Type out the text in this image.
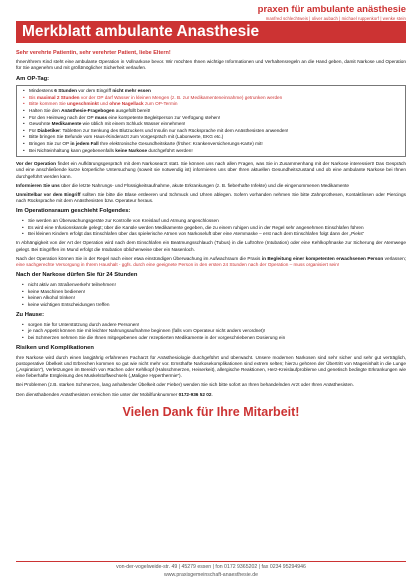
praxen für ambulante anästhesie
manfred schlechtweis | oliver aubach | michael ruppenkorf | wenke stein
Merkblatt ambulante Anasthesie
Sehr verehrte Patientin, sehr verehrter Patient, liebe Eltern!

Ihnen/Ihrem Kind steht eine ambulante Operation in Vollnarkose bevor. Wir möchten Ihnen wichtige Informationen und Verhaltensregeln an die Hand geben, damit Narkose und Operation für Sie angenehm und mit größtmöglicher Sicherheit verlaufen.

Am OP-Tag:
• Mindestens 6 Stunden vor dem Eingriff nicht mehr essen
• Bis maximal 2 Stunden vor der OP darf Wasser in kleinen Mengen (z. B. zur Medikamenteneinnahme) getrunken werden
• Bitte kommen Sie ungeschminkt und ohne Nagellack zum OP-Termin
• Halten Sie den Anästhesie-Fragebogen ausgefüllt bereit!
• Für den Heimweg nach der OP muss eine kompetente Begleitperson zur Verfügung stehen!
• Gewohnte Medikamente wie üblich mit einem Schluck Wasser einnehmen!
• Für Diabetiker: Tabletten zur Senkung des Blutzuckers und Insulin nur nach Rücksprache mit dem Anästhesisten anwenden!
• Bitte bringen Sie Befunde vom Haus-/Kinderarzt zum Vorgespräch mit (Laborwerte, EKG etc.)
• Bringen Sie zur OP in jedem Fall Ihre elektronische Gesundheitskarte (früher: Krankenversicherungs-Karte) mit!
• Bei Nichteinhaltung kann gegebenenfalls keine Narkose durchgeführt werden!

Vor der Operation findet ein Aufklärungsgespräch mit dem Narkosearzt statt. Sie können uns nach allen Fragen, was Sie in Zusammenhang mit der Narkose interessiert! Das Gespräch und eine anschließende kurze körperliche Untersuchung (soweit sie notwendig ist) informieren uns über Ihren aktuellen Gesundheitszustand und ob eine ambulante Narkose bei Ihnen durchgeführt werden kann.

Informieren Sie uns über die letzte Nahrungs- und Flüssigkeitsaufnahme, akute Erkrankungen (z. B. fieberhafte Infekte) und die eingenommenen Medikamente

Unmittelbar vor dem Eingriff sollten Sie bitte die Blase entleeren und Schmuck und Uhren ablegen. Sofern vorhanden nehmen Sie bitte Zahnprothesen, Kontaktlinsen oder Piercings nach Rücksprache mit dem Anästhesisten bzw. Operateur heraus.

Im Operationsraum geschieht Folgendes:
• Sie werden an Überwachungsgeräte zur Kontrolle von Kreislauf und Atmung angeschlossen
• Es wird eine Infusionskanüle gelegt; über die Kanüle werden Medikamente gegeben, die zu einem ruhigen und in der Regel sehr angenehmen Einschlafen führen
• Bei kleinen Kindern erfolgt das Einschlafen über das spielerische Atmen von Narkoseluft über eine Atemmaske – erst nach dem Einschlafen folgt dann der „Pieks“

In Abhängigkeit von der Art der Operation wird nach dem Einschlafen ein Beatmungsschlauch (Tubus) in die Luftröhre (Intubation) oder eine Kehlkopfmaske zur Sicherung der Atemwege gelegt. Bei Eingriffen im Mund erfolgt die Intubation üblicherweise über ein Nasenloch.

Nach der Operation können Sie in der Regel nach einer etwa einstündigen Überwachung im Aufwachraum die Praxis in Begleitung einer kompetenten erwachsenen Person verlassen; eine sachgerechte Versorgung in Ihrem Haushalt - ggfs. durch eine geeignete Person in den ersten 24 Stunden nach der Operation – muss organisiert sein!

Nach der Narkose dürfen Sie für 24 Stunden
• nicht aktiv am Straßenverkehr teilnehmen!
• keine Maschinen bedienen!
• keinen Alkohol trinken!
• keine wichtigen Entscheidungen treffen
Zu Hause:
• sorgen Sie für Unterstützung durch andere Personen!
• je nach Appetit können Sie mit leichter Nahrungsaufnahme beginnen (falls vom Operateur nicht anders verordnet)!
• bei Schmerzen nehmen Sie die Ihnen mitgegebenen oder rezeptierten Medikamente in der vorgeschriebenen Dosierung ein
Risiken und Komplikationen

Ihre Narkose wird durch einen langjährig erfahrenen Facharzt für Anästhesiologie durchgeführt und überwacht. Unsere modernen Narkosen sind sehr sicher und sehr gut verträglich, postoperative Übelkeit und Erbrechen kommen so gut wie nicht mehr vor. Ernsthafte Narkosekomplikationen sind extrem selten; hierzu gehören der Übertritt von Mageninhalt in die Lunge („Aspiration“), Verletzungen im Bereich von Rachen oder Kehlkopf (Halsschmerzen, Heiserkeit), allergische Reaktionen, Herz-Kreislaufprobleme und genetisch bedingte Erkrankungen wie eine fieberhafte Entgleisung des Muskelstoffwechsels („Maligne Hyperthermie“).

Bei Problemen (z.B. starken Schmerzen, lang anhaltender Übelkeit oder Fieber) wenden Sie sich bitte sofort an Ihren behandelnden Arzt oder Ihren Anästhesisten.

Den diensthabenden Anästhesisten erreichen Sie unter der Mobilfunknummer 0172-936 52 02.

Vielen Dank für Ihre Mitarbeit!
von-der-vogelweide-str. 49 | 45279 essen | fon 0172 9365202 | fax 0234 95294946
www.praxisgemeinschaft-anaesthesie.de
